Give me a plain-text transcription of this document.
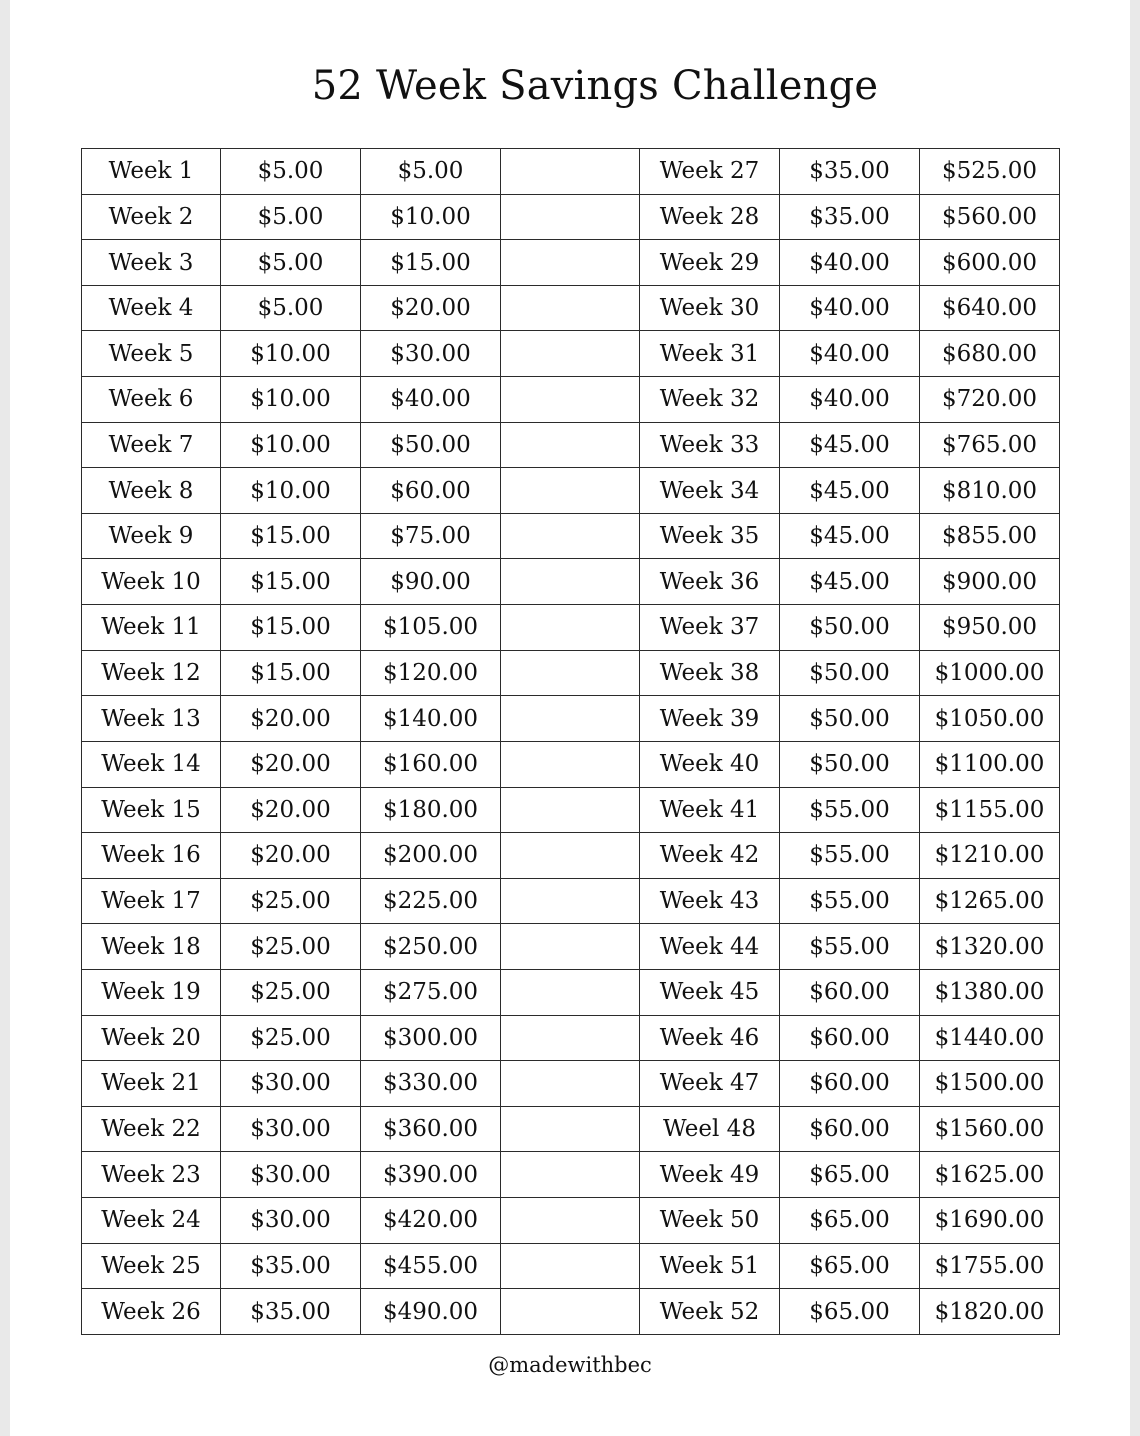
52 Week Savings Challenge
Week 1	$5.00	$5.00		Week 27	$35.00	$525.00
Week 2	$5.00	$10.00		Week 28	$35.00	$560.00
Week 3	$5.00	$15.00		Week 29	$40.00	$600.00
Week 4	$5.00	$20.00		Week 30	$40.00	$640.00
Week 5	$10.00	$30.00		Week 31	$40.00	$680.00
Week 6	$10.00	$40.00		Week 32	$40.00	$720.00
Week 7	$10.00	$50.00		Week 33	$45.00	$765.00
Week 8	$10.00	$60.00		Week 34	$45.00	$810.00
Week 9	$15.00	$75.00		Week 35	$45.00	$855.00
Week 10	$15.00	$90.00		Week 36	$45.00	$900.00
Week 11	$15.00	$105.00		Week 37	$50.00	$950.00
Week 12	$15.00	$120.00		Week 38	$50.00	$1000.00
Week 13	$20.00	$140.00		Week 39	$50.00	$1050.00
Week 14	$20.00	$160.00		Week 40	$50.00	$1100.00
Week 15	$20.00	$180.00		Week 41	$55.00	$1155.00
Week 16	$20.00	$200.00		Week 42	$55.00	$1210.00
Week 17	$25.00	$225.00		Week 43	$55.00	$1265.00
Week 18	$25.00	$250.00		Week 44	$55.00	$1320.00
Week 19	$25.00	$275.00		Week 45	$60.00	$1380.00
Week 20	$25.00	$300.00		Week 46	$60.00	$1440.00
Week 21	$30.00	$330.00		Week 47	$60.00	$1500.00
Week 22	$30.00	$360.00		Weel 48	$60.00	$1560.00
Week 23	$30.00	$390.00		Week 49	$65.00	$1625.00
Week 24	$30.00	$420.00		Week 50	$65.00	$1690.00
Week 25	$35.00	$455.00		Week 51	$65.00	$1755.00
Week 26	$35.00	$490.00		Week 52	$65.00	$1820.00
@madewithbec
